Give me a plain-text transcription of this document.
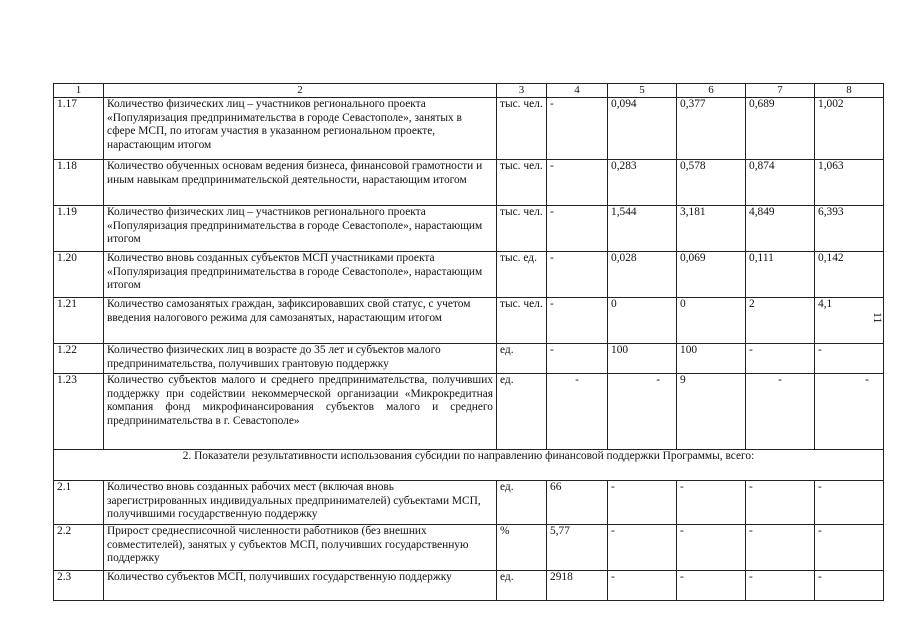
1	2	3	4	5	6	7	8
1.17	Количество физических лиц – участников регионального проекта «Популяризация предпринимательства в городе Севастополе», занятых в сфере МСП, по итогам участия в указанном региональном проекте, нарастающим итогом	тыс. чел.	-	0,094	0,377	0,689	1,002
1.18	Количество обученных основам ведения бизнеса, финансовой грамотности и иным навыкам предпринимательской деятельности, нарастающим итогом	тыс. чел.	-	0,283	0,578	0,874	1,063
1.19	Количество физических лиц – участников регионального проекта «Популяризация предпринимательства в городе Севастополе», нарастающим итогом	тыс. чел.	-	1,544	3,181	4,849	6,393
1.20	Количество вновь созданных субъектов МСП участниками проекта «Популяризация предпринимательства в городе Севастополе», нарастающим итогом	тыс. ед.	-	0,028	0,069	0,111	0,142
1.21	Количество самозанятых граждан, зафиксировавших свой статус, с учетом введения налогового режима для самозанятых, нарастающим итогом	тыс. чел.	-	0	0	2	4,1
1.22	Количество физических лиц в возрасте до 35 лет и субъектов малого предпринимательства, получивших грантовую поддержку	ед.	-	100	100	-	-
1.23	Количество субъектов малого и среднего предпринимательства, получивших поддержку при содействии некоммерческой организации «Микрокредитная компания фонд микрофинансирования субъектов малого и среднего предпринимательства в г. Севастополе»	ед.	-	-	9	-	-
2. Показатели результативности использования субсидии по направлению финансовой поддержки Программы, всего:							
2.1	Количество вновь созданных рабочих мест (включая вновь зарегистрированных индивидуальных предпринимателей) субъектами МСП, получившими государственную поддержку	ед.	66	-	-	-	-
2.2	Прирост среднесписочной численности работников (без внешних совместителей), занятых у субъектов МСП, получивших государственную поддержку	%	5,77	-	-	-	-
2.3	Количество субъектов МСП, получивших государственную поддержку	ед.	2918	-	-	-	-
11
